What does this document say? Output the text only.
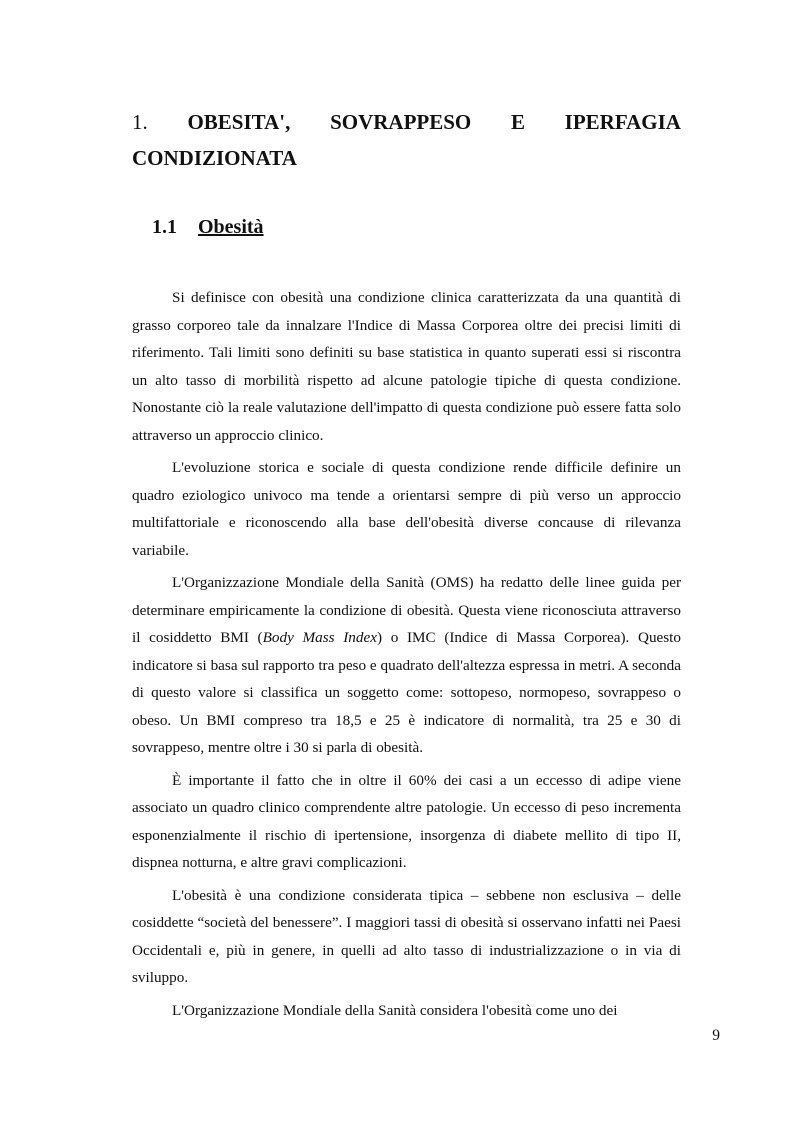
1. OBESITA', SOVRAPPESO E IPERFAGIA
CONDIZIONATA
1.1 Obesità

Si definisce con obesità una condizione clinica caratterizzata da una quantità di grasso corporeo tale da innalzare l'Indice di Massa Corporea oltre dei precisi limiti di riferimento. Tali limiti sono definiti su base statistica in quanto superati essi si riscontra un alto tasso di morbilità rispetto ad alcune patologie tipiche di questa condizione. Nonostante ciò la reale valutazione dell'impatto di questa condizione può essere fatta solo attraverso un approccio clinico.

L'evoluzione storica e sociale di questa condizione rende difficile definire un quadro eziologico univoco ma tende a orientarsi sempre di più verso un approccio multifattoriale e riconoscendo alla base dell'obesità diverse concause di rilevanza variabile.

L'Organizzazione Mondiale della Sanità (OMS) ha redatto delle linee guida per determinare empiricamente la condizione di obesità. Questa viene riconosciuta attraverso il cosiddetto BMI (Body Mass Index) o IMC (Indice di Massa Corporea). Questo indicatore si basa sul rapporto tra peso e quadrato dell'altezza espressa in metri. A seconda di questo valore si classifica un soggetto come: sottopeso, normopeso, sovrappeso o obeso. Un BMI compreso tra 18,5 e 25 è indicatore di normalità, tra 25 e 30 di sovrappeso, mentre oltre i 30 si parla di obesità.

È importante il fatto che in oltre il 60% dei casi a un eccesso di adipe viene associato un quadro clinico comprendente altre patologie. Un eccesso di peso incrementa esponenzialmente il rischio di ipertensione, insorgenza di diabete mellito di tipo II, dispnea notturna, e altre gravi complicazioni.

L'obesità è una condizione considerata tipica – sebbene non esclusiva – delle cosiddette “società del benessere”. I maggiori tassi di obesità si osservano infatti nei Paesi Occidentali e, più in genere, in quelli ad alto tasso di industrializzazione o in via di sviluppo.

L'Organizzazione Mondiale della Sanità considera l'obesità come uno dei

9
